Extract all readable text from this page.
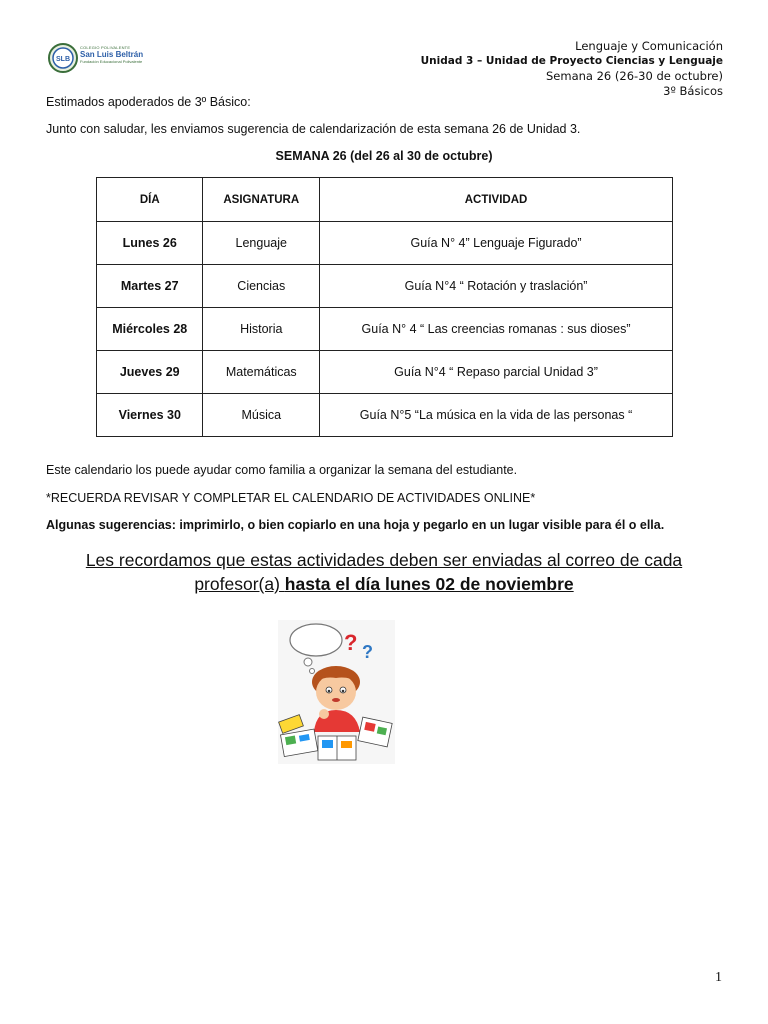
SLB
COLEGIO POLIVALENTE
San Luis Beltrán
Fundación Educacional Polivalente
Lenguaje y Comunicación
Unidad 3 – Unidad de Proyecto Ciencias y Lenguaje
Semana 26 (26-30 de octubre)
3º Básicos
Estimados apoderados de 3º Básico:
Junto con saludar, les enviamos sugerencia de calendarización de esta semana 26 de Unidad 3.
SEMANA 26 (del 26 al 30 de octubre)
DÍA	ASIGNATURA	ACTIVIDAD
Lunes 26	Lenguaje	Guía N° 4” Lenguaje Figurado”
Martes 27	Ciencias	Guía N°4 “ Rotación y traslación”
Miércoles 28	Historia	Guía N° 4 “ Las creencias romanas : sus dioses”
Jueves 29	Matemáticas	Guía N°4 “ Repaso parcial Unidad 3”
Viernes 30	Música	Guía N°5 “La música en la vida de las personas “
Este calendario los puede ayudar como familia a organizar la semana del estudiante.
*RECUERDA REVISAR Y COMPLETAR EL CALENDARIO DE ACTIVIDADES ONLINE*
Algunas sugerencias: imprimirlo, o bien copiarlo en una hoja y pegarlo en un lugar visible para él o ella.
Les recordamos que estas actividades deben ser enviadas al correo de cada
profesor(a) hasta el día lunes 02 de noviembre
? ?
1
